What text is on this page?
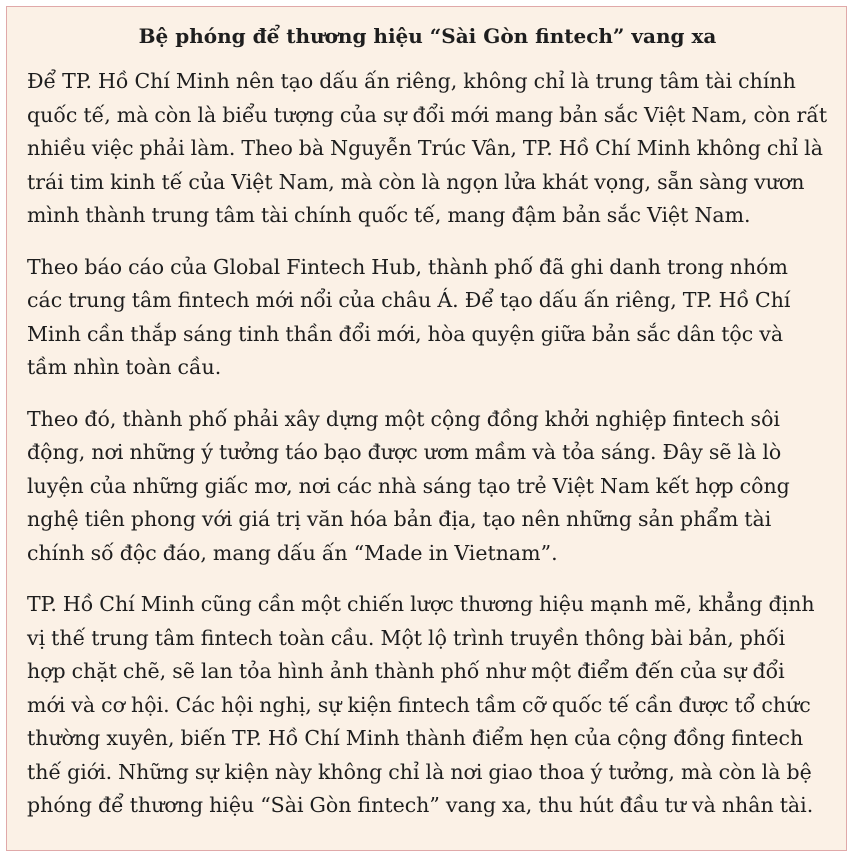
Bệ phóng để thương hiệu “Sài Gòn fintech” vang xa

Để TP. Hồ Chí Minh nên tạo dấu ấn riêng, không chỉ là trung tâm tài chính quốc tế, mà còn là biểu tượng của sự đổi mới mang bản sắc Việt Nam, còn rất nhiều việc phải làm. Theo bà Nguyễn Trúc Vân, TP. Hồ Chí Minh không chỉ là trái tim kinh tế của Việt Nam, mà còn là ngọn lửa khát vọng, sẵn sàng vươn mình thành trung tâm tài chính quốc tế, mang đậm bản sắc Việt Nam.

Theo báo cáo của Global Fintech Hub, thành phố đã ghi danh trong nhóm các trung tâm fintech mới nổi của châu Á. Để tạo dấu ấn riêng, TP. Hồ Chí Minh cần thắp sáng tinh thần đổi mới, hòa quyện giữa bản sắc dân tộc và tầm nhìn toàn cầu.

Theo đó, thành phố phải xây dựng một cộng đồng khởi nghiệp fintech sôi động, nơi những ý tưởng táo bạo được ươm mầm và tỏa sáng. Đây sẽ là lò luyện của những giấc mơ, nơi các nhà sáng tạo trẻ Việt Nam kết hợp công nghệ tiên phong với giá trị văn hóa bản địa, tạo nên những sản phẩm tài chính số độc đáo, mang dấu ấn “Made in Vietnam”.

TP. Hồ Chí Minh cũng cần một chiến lược thương hiệu mạnh mẽ, khẳng định vị thế trung tâm fintech toàn cầu. Một lộ trình truyền thông bài bản, phối hợp chặt chẽ, sẽ lan tỏa hình ảnh thành phố như một điểm đến của sự đổi mới và cơ hội. Các hội nghị, sự kiện fintech tầm cỡ quốc tế cần được tổ chức thường xuyên, biến TP. Hồ Chí Minh thành điểm hẹn của cộng đồng fintech thế giới. Những sự kiện này không chỉ là nơi giao thoa ý tưởng, mà còn là bệ phóng để thương hiệu “Sài Gòn fintech” vang xa, thu hút đầu tư và nhân tài.
